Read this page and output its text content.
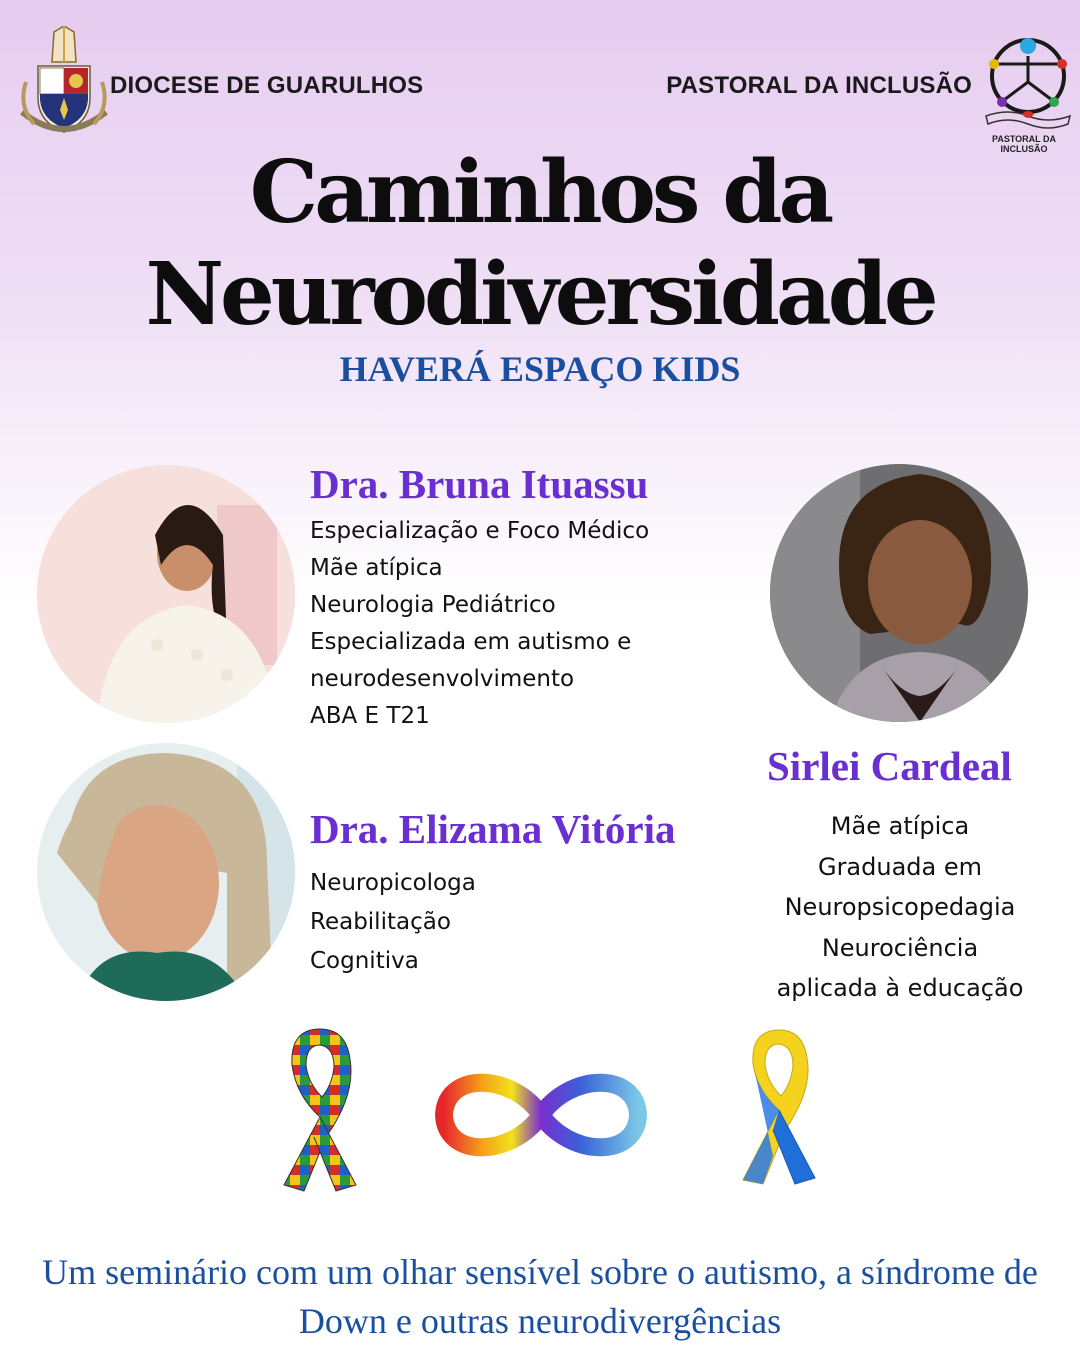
DIOCESE DE GUARULHOS	PASTORAL DA INCLUSÃO
PASTORAL DA INCLUSÃO
Caminhos da
Neurodiversidade
HAVERÁ ESPAÇO KIDS
Dra. Bruna Ituassu
Especialização e Foco Médico
Mãe atípica
Neurologia Pediátrico
Especializada em autismo e
neurodesenvolvimento
ABA E T21
Sirlei Cardeal
Mãe atípica
Graduada em
Neuropsicopedagia
Neurociência
aplicada à educação
Dra. Elizama Vitória
Neuropicologa
Reabilitação
Cognitiva
Um seminário com um olhar sensível sobre o autismo, a síndrome de
Down e outras neurodivergências
